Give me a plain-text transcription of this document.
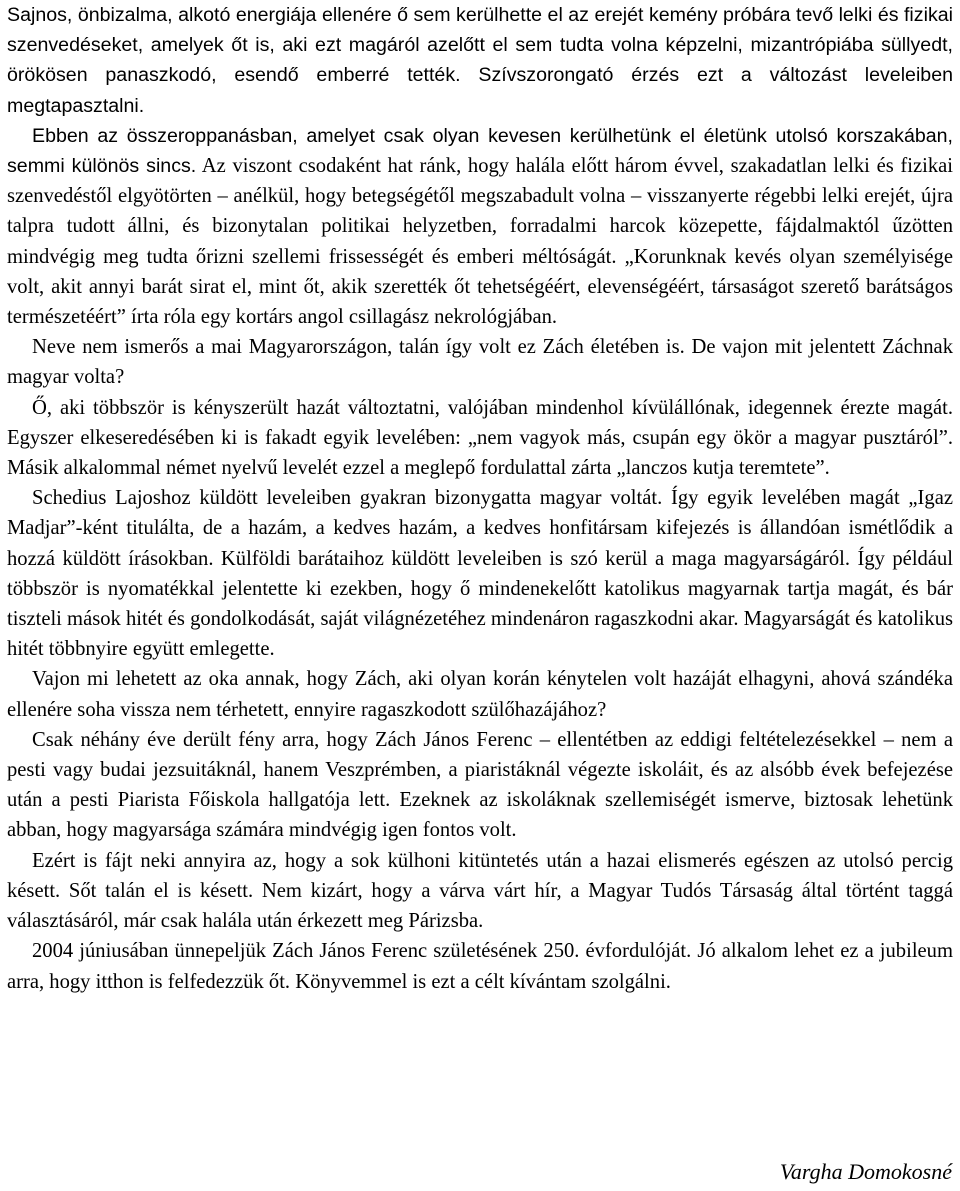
Sajnos, önbizalma, alkotó energiája ellenére ő sem kerülhette el az erejét kemény próbára tevő lelki és fizikai szenvedéseket, amelyek őt is, aki ezt magáról azelőtt el sem tudta volna képzelni, mizantrópiába süllyedt, örökösen panaszkodó, esendő emberré tették. Szívszorongató érzés ezt a változást leveleiben megtapasztalni.

Ebben az összeroppanásban, amelyet csak olyan kevesen kerülhetünk el életünk utolsó korszakában, semmi különös sincs. Az viszont csodaként hat ránk, hogy halála előtt három évvel, szakadatlan lelki és fizikai szenvedéstől elgyötörten – anélkül, hogy betegségétől megszabadult volna – visszanyerte régebbi lelki erejét, újra talpra tudott állni, és bizonytalan politikai helyzetben, forradalmi harcok közepette, fájdalmaktól űzötten mindvégig meg tudta őrizni szellemi frissességét és emberi méltóságát. „Korunknak kevés olyan személyisége volt, akit annyi barát sirat el, mint őt, akik szerették őt tehetségéért, elevenségéért, társaságot szerető barátságos természetéért” írta róla egy kortárs angol csillagász nekrológjában.

Neve nem ismerős a mai Magyarországon, talán így volt ez Zách életében is. De vajon mit jelentett Záchnak magyar volta?

Ő, aki többször is kényszerült hazát változtatni, valójában mindenhol kívülállónak, idegennek érezte magát. Egyszer elkeseredésében ki is fakadt egyik levelében: „nem vagyok más, csupán egy ökör a magyar pusztáról”. Másik alkalommal német nyelvű levelét ezzel a meglepő fordulattal zárta „lanczos kutja teremtete”.

Schedius Lajoshoz küldött leveleiben gyakran bizonygatta magyar voltát. Így egyik levelében magát „Igaz Madjar”-ként titulálta, de a hazám, a kedves hazám, a kedves honfitársam kifejezés is állandóan ismétlődik a hozzá küldött írásokban. Külföldi barátaihoz küldött leveleiben is szó kerül a maga magyarságáról. Így például többször is nyomatékkal jelentette ki ezekben, hogy ő mindenekelőtt katolikus magyarnak tartja magát, és bár tiszteli mások hitét és gondolkodását, saját világnézetéhez mindenáron ragaszkodni akar. Magyarságát és katolikus hitét többnyire együtt emlegette.

Vajon mi lehetett az oka annak, hogy Zách, aki olyan korán kénytelen volt hazáját elhagyni, ahová szándéka ellenére soha vissza nem térhetett, ennyire ragaszkodott szülőhazájához?

Csak néhány éve derült fény arra, hogy Zách János Ferenc – ellentétben az eddigi feltételezésekkel – nem a pesti vagy budai jezsuitáknál, hanem Veszprémben, a piaristáknál végezte iskoláit, és az alsóbb évek befejezése után a pesti Piarista Főiskola hallgatója lett. Ezeknek az iskoláknak szellemiségét ismerve, biztosak lehetünk abban, hogy magyarsága számára mindvégig igen fontos volt.

Ezért is fájt neki annyira az, hogy a sok külhoni kitüntetés után a hazai elismerés egészen az utolsó percig késett. Sőt talán el is késett. Nem kizárt, hogy a várva várt hír, a Magyar Tudós Társaság által történt taggá választásáról, már csak halála után érkezett meg Párizsba.

2004 júniusában ünnepeljük Zách János Ferenc születésének 250. évfordulóját. Jó alkalom lehet ez a jubileum arra, hogy itthon is felfedezzük őt. Könyvemmel is ezt a célt kívántam szolgálni.

Vargha Domokosné
